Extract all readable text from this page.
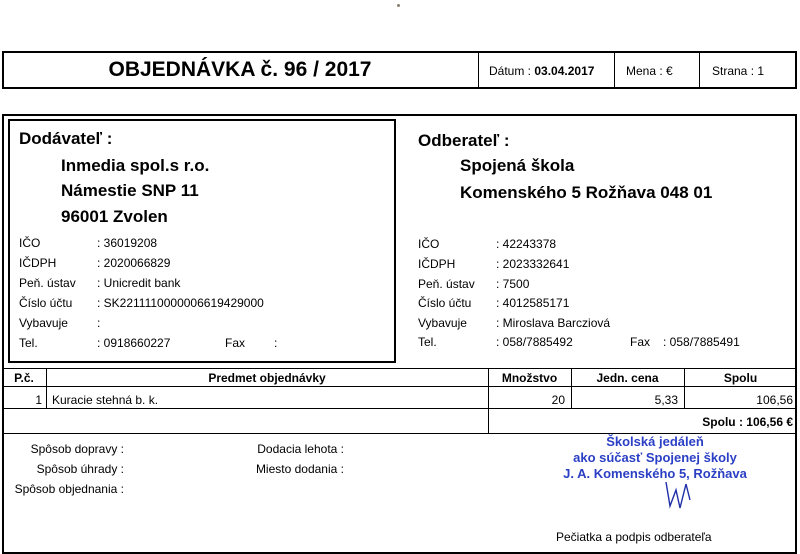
OBJEDNÁVKA č. 96 / 2017	Dátum : 03.04.2017	Mena : €	Strana : 1
Dodávateľ :
Inmedia spol.s r.o.
Námestie SNP 11
96001 Zvolen
IČO	: 36019208
IČDPH	: 2020066829
Peň. ústav : Unicredit bank
Číslo účtu : SK2211110000006619429000
Vybavuje :
Tel.	: 0918660227	Fax :
Odberateľ :
Spojená škola
Komenského 5 Rožňava 048 01
IČO	: 42243378
IČDPH	: 2023332641
Peň. ústav : 7500
Číslo účtu : 4012585171
Vybavuje : Miroslava Barcziová
Tel.	: 058/7885492	Fax : 058/7885491
P.č.	Predmet objednávky	Množstvo	Jedn. cena	Spolu
1 Kuracie stehná b. k.	20	5,33	106,56
Spolu : 106,56 €
Spôsob dopravy :
Spôsob úhrady :
Spôsob objednania :
Dodacia lehota :
Miesto dodania :
Školská jedáleň
ako súčasť Spojenej školy
J. A. Komenského 5, Rožňava
Pečiatka a podpis odberateľa
